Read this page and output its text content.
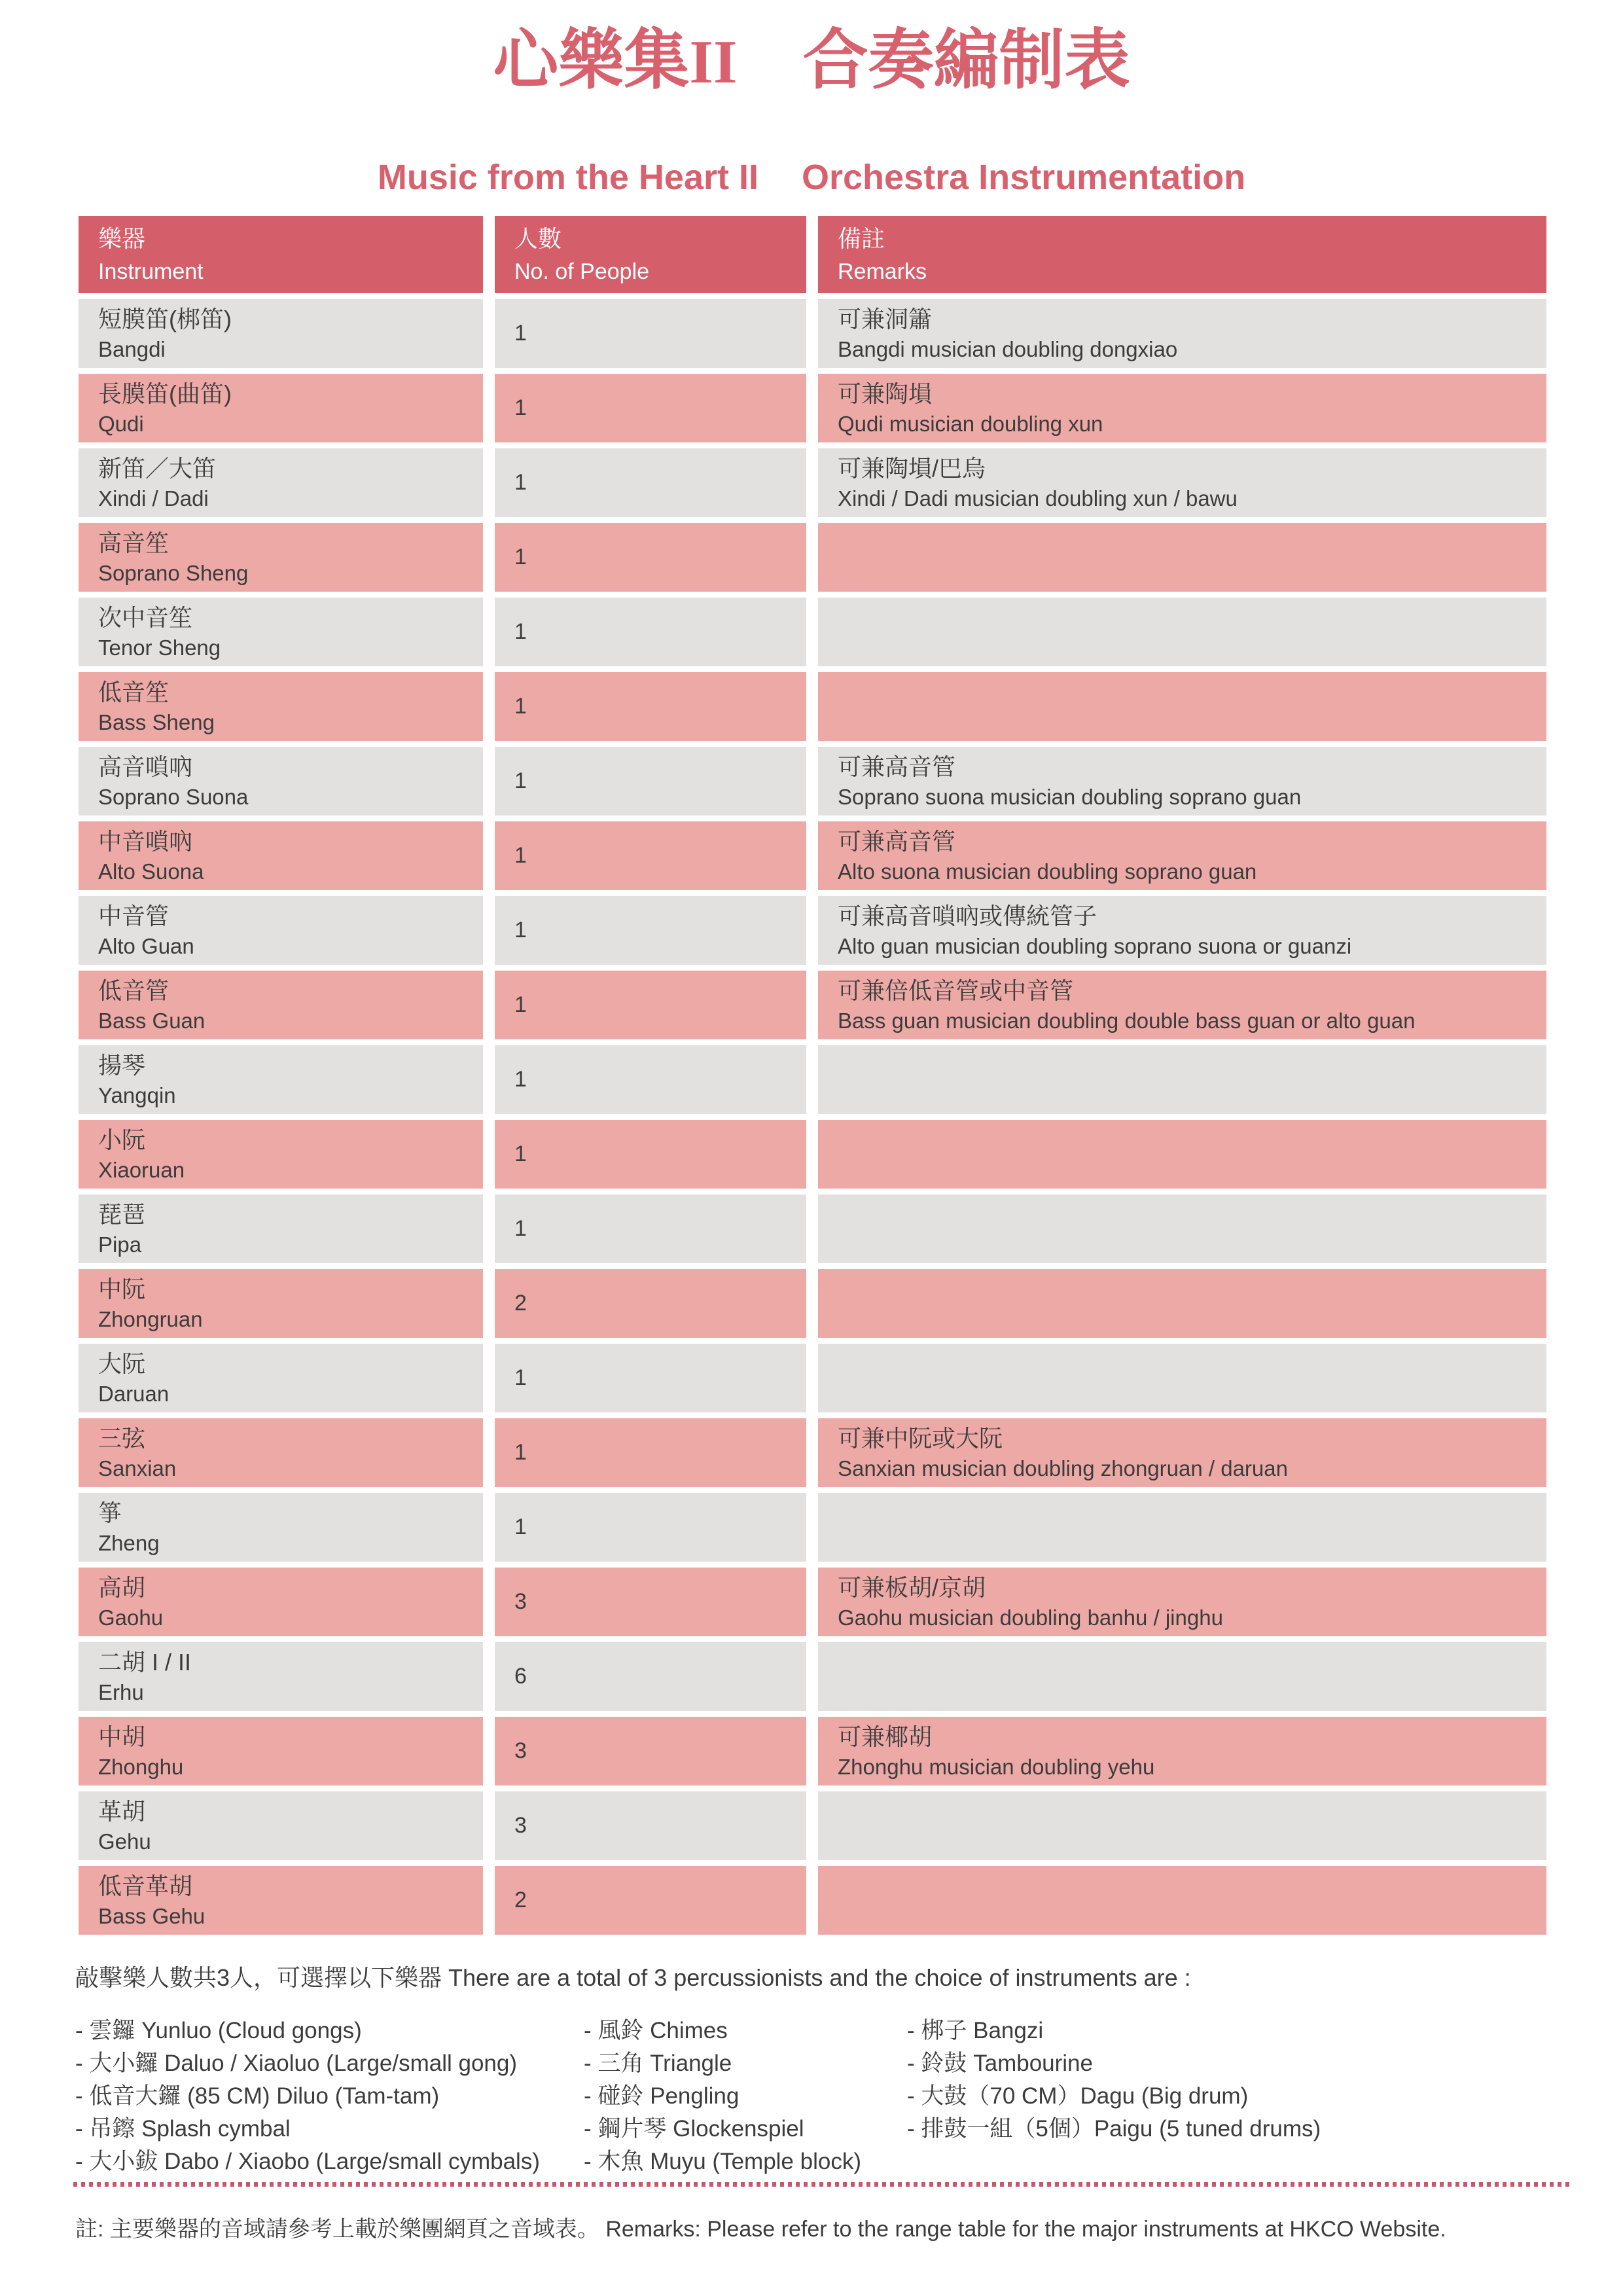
心樂集II 合奏編制表
Music from the Heart II Orchestra Instrumentation
樂器
Instrument
人數
No. of People
備註
Remarks
短膜笛(梆笛)
Bangdi
1
可兼洞簫
Bangdi musician doubling dongxiao
長膜笛(曲笛)
Qudi
1
可兼陶塤
Qudi musician doubling xun
新笛／大笛
Xindi / Dadi
1
可兼陶塤/巴烏
Xindi / Dadi musician doubling xun / bawu
高音笙
Soprano Sheng
1
次中音笙
Tenor Sheng
1
低音笙
Bass Sheng
1
高音嗩吶
Soprano Suona
1
可兼高音管
Soprano suona musician doubling soprano guan
中音嗩吶
Alto Suona
1
可兼高音管
Alto suona musician doubling soprano guan
中音管
Alto Guan
1
可兼高音嗩吶或傳統管子
Alto guan musician doubling soprano suona or guanzi
低音管
Bass Guan
1
可兼倍低音管或中音管
Bass guan musician doubling double bass guan or alto guan
揚琴
Yangqin
1
小阮
Xiaoruan
1
琵琶
Pipa
1
中阮
Zhongruan
2
大阮
Daruan
1
三弦
Sanxian
1
可兼中阮或大阮
Sanxian musician doubling zhongruan / daruan
箏
Zheng
1
高胡
Gaohu
3
可兼板胡/京胡
Gaohu musician doubling banhu / jinghu
二胡 I / II
Erhu
6
中胡
Zhonghu
3
可兼椰胡
Zhonghu musician doubling yehu
革胡
Gehu
3
低音革胡
Bass Gehu
2
敲擊樂人數共3人，可選擇以下樂器 There are a total of 3 percussionists and the choice of instruments are :
- 雲鑼 Yunluo (Cloud gongs)
- 大小鑼 Daluo / Xiaoluo (Large/small gong)
- 低音大鑼 (85 CM) Diluo (Tam-tam)
- 吊鑔 Splash cymbal
- 大小鈸 Dabo / Xiaobo (Large/small cymbals)
- 風鈴 Chimes
- 三角 Triangle
- 碰鈴 Pengling
- 鋼片琴 Glockenspiel
- 木魚 Muyu (Temple block)
- 梆子 Bangzi
- 鈴鼓 Tambourine
- 大鼓（70 CM）Dagu (Big drum)
- 排鼓一組（5個）Paigu (5 tuned drums)
註: 主要樂器的音域請參考上載於樂團網頁之音域表。 Remarks: Please refer to the range table for the major instruments at HKCO Website.
